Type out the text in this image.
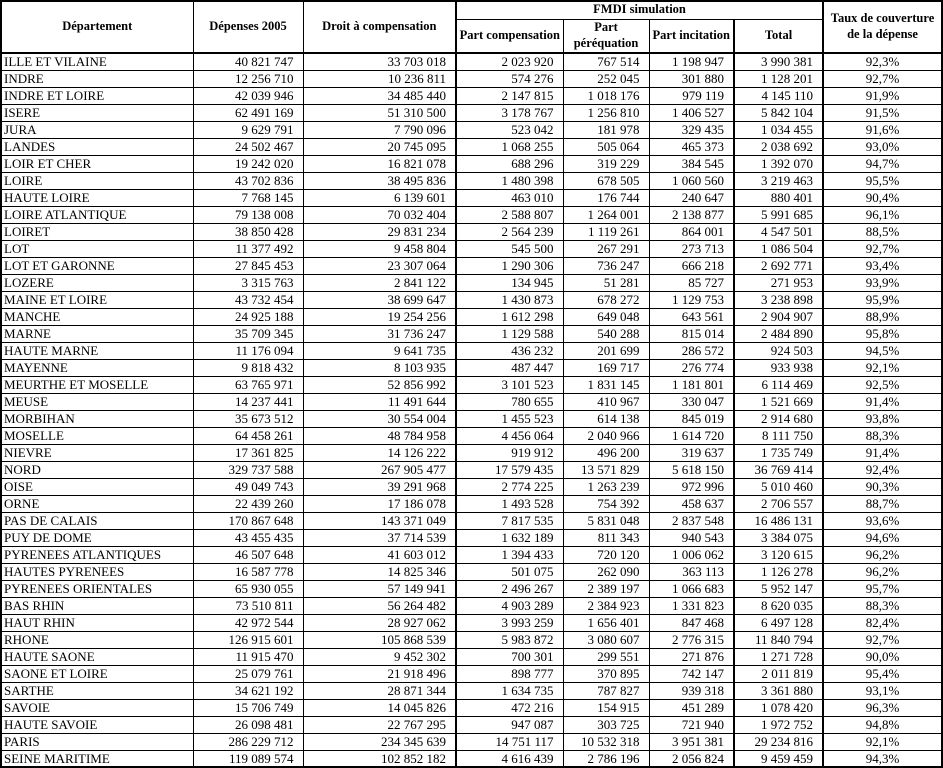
Département	Dépenses 2005	Droit à compensation	FMDI simulation				Taux de couverture de la dépense
			Part compensation	Part péréquation	Part incitation	Total	
ILLE ET VILAINE	40 821 747	33 703 018	2 023 920	767 514	1 198 947	3 990 381	92,3%
INDRE	12 256 710	10 236 811	574 276	252 045	301 880	1 128 201	92,7%
INDRE ET LOIRE	42 039 946	34 485 440	2 147 815	1 018 176	979 119	4 145 110	91,9%
ISERE	62 491 169	51 310 500	3 178 767	1 256 810	1 406 527	5 842 104	91,5%
JURA	9 629 791	7 790 096	523 042	181 978	329 435	1 034 455	91,6%
LANDES	24 502 467	20 745 095	1 068 255	505 064	465 373	2 038 692	93,0%
LOIR ET CHER	19 242 020	16 821 078	688 296	319 229	384 545	1 392 070	94,7%
LOIRE	43 702 836	38 495 836	1 480 398	678 505	1 060 560	3 219 463	95,5%
HAUTE LOIRE	7 768 145	6 139 601	463 010	176 744	240 647	880 401	90,4%
LOIRE ATLANTIQUE	79 138 008	70 032 404	2 588 807	1 264 001	2 138 877	5 991 685	96,1%
LOIRET	38 850 428	29 831 234	2 564 239	1 119 261	864 001	4 547 501	88,5%
LOT	11 377 492	9 458 804	545 500	267 291	273 713	1 086 504	92,7%
LOT ET GARONNE	27 845 453	23 307 064	1 290 306	736 247	666 218	2 692 771	93,4%
LOZERE	3 315 763	2 841 122	134 945	51 281	85 727	271 953	93,9%
MAINE ET LOIRE	43 732 454	38 699 647	1 430 873	678 272	1 129 753	3 238 898	95,9%
MANCHE	24 925 188	19 254 256	1 612 298	649 048	643 561	2 904 907	88,9%
MARNE	35 709 345	31 736 247	1 129 588	540 288	815 014	2 484 890	95,8%
HAUTE MARNE	11 176 094	9 641 735	436 232	201 699	286 572	924 503	94,5%
MAYENNE	9 818 432	8 103 935	487 447	169 717	276 774	933 938	92,1%
MEURTHE ET MOSELLE	63 765 971	52 856 992	3 101 523	1 831 145	1 181 801	6 114 469	92,5%
MEUSE	14 237 441	11 491 644	780 655	410 967	330 047	1 521 669	91,4%
MORBIHAN	35 673 512	30 554 004	1 455 523	614 138	845 019	2 914 680	93,8%
MOSELLE	64 458 261	48 784 958	4 456 064	2 040 966	1 614 720	8 111 750	88,3%
NIEVRE	17 361 825	14 126 222	919 912	496 200	319 637	1 735 749	91,4%
NORD	329 737 588	267 905 477	17 579 435	13 571 829	5 618 150	36 769 414	92,4%
OISE	49 049 743	39 291 968	2 774 225	1 263 239	972 996	5 010 460	90,3%
ORNE	22 439 260	17 186 078	1 493 528	754 392	458 637	2 706 557	88,7%
PAS DE CALAIS	170 867 648	143 371 049	7 817 535	5 831 048	2 837 548	16 486 131	93,6%
PUY DE DOME	43 455 435	37 714 539	1 632 189	811 343	940 543	3 384 075	94,6%
PYRENEES ATLANTIQUES	46 507 648	41 603 012	1 394 433	720 120	1 006 062	3 120 615	96,2%
HAUTES PYRENEES	16 587 778	14 825 346	501 075	262 090	363 113	1 126 278	96,2%
PYRENEES ORIENTALES	65 930 055	57 149 941	2 496 267	2 389 197	1 066 683	5 952 147	95,7%
BAS RHIN	73 510 811	56 264 482	4 903 289	2 384 923	1 331 823	8 620 035	88,3%
HAUT RHIN	42 972 544	28 927 062	3 993 259	1 656 401	847 468	6 497 128	82,4%
RHONE	126 915 601	105 868 539	5 983 872	3 080 607	2 776 315	11 840 794	92,7%
HAUTE SAONE	11 915 470	9 452 302	700 301	299 551	271 876	1 271 728	90,0%
SAONE ET LOIRE	25 079 761	21 918 496	898 777	370 895	742 147	2 011 819	95,4%
SARTHE	34 621 192	28 871 344	1 634 735	787 827	939 318	3 361 880	93,1%
SAVOIE	15 706 749	14 045 826	472 216	154 915	451 289	1 078 420	96,3%
HAUTE SAVOIE	26 098 481	22 767 295	947 087	303 725	721 940	1 972 752	94,8%
PARIS	286 229 712	234 345 639	14 751 117	10 532 318	3 951 381	29 234 816	92,1%
SEINE MARITIME	119 089 574	102 852 182	4 616 439	2 786 196	2 056 824	9 459 459	94,3%
